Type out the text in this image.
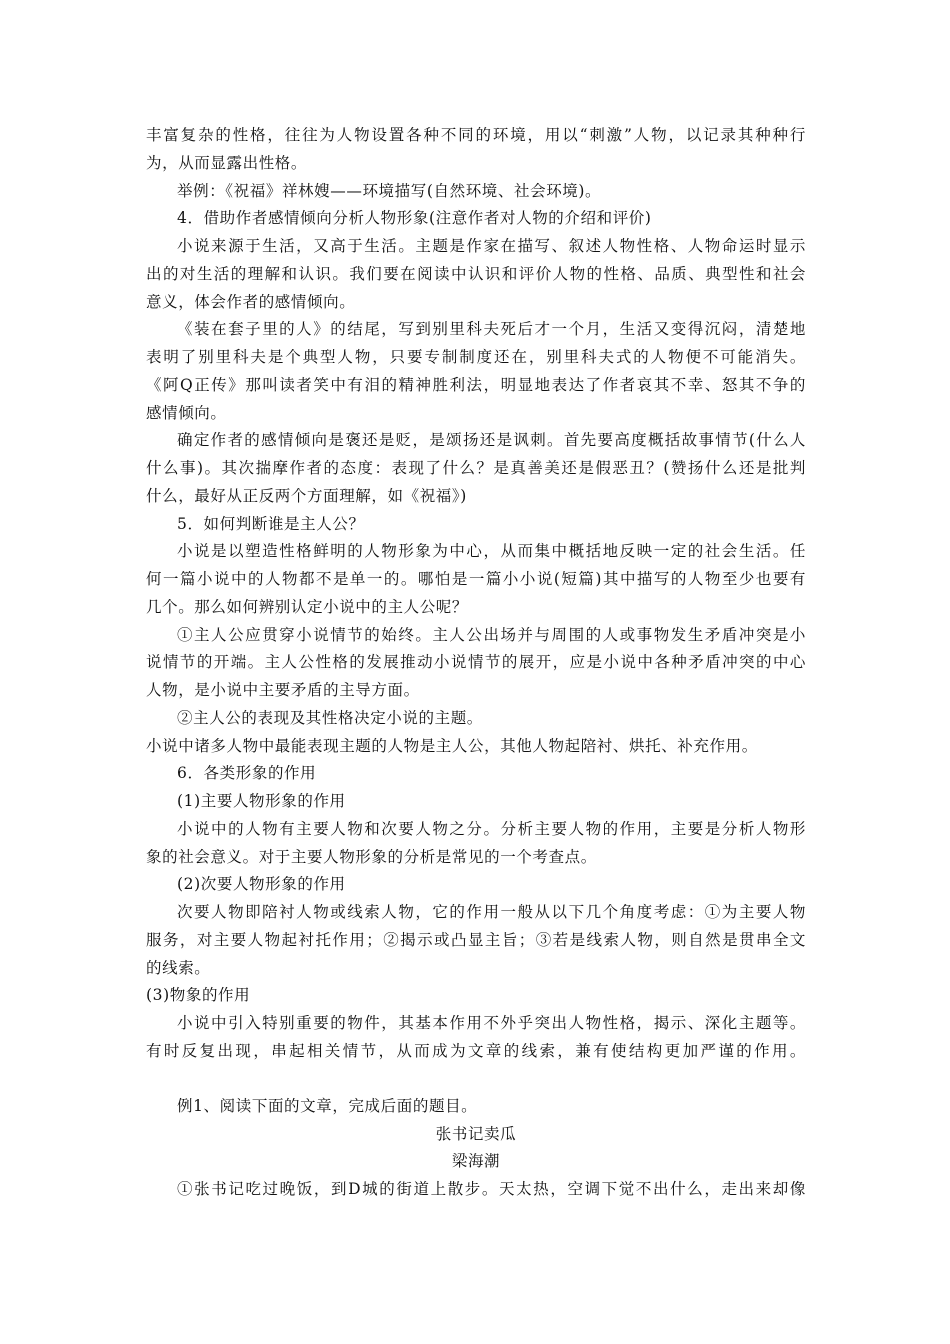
丰富复杂的性格，往往为人物设置各种不同的环境，用以“刺激”人物，以记录其种种行
为，从而显露出性格。
举例：《祝福》祥林嫂——环境描写(自然环境、社会环境)。
4．借助作者感情倾向分析人物形象(注意作者对人物的介绍和评价)
小说来源于生活，又高于生活。主题是作家在描写、叙述人物性格、人物命运时显示
出的对生活的理解和认识。我们要在阅读中认识和评价人物的性格、品质、典型性和社会
意义，体会作者的感情倾向。
《装在套子里的人》的结尾，写到别里科夫死后才一个月，生活又变得沉闷，清楚地
表明了别里科夫是个典型人物，只要专制制度还在，别里科夫式的人物便不可能消失。
《阿Q正传》那叫读者笑中有泪的精神胜利法，明显地表达了作者哀其不幸、怒其不争的
感情倾向。
确定作者的感情倾向是褒还是贬，是颂扬还是讽刺。首先要高度概括故事情节(什么人
什么事)。其次揣摩作者的态度：表现了什么？是真善美还是假恶丑？(赞扬什么还是批判
什么，最好从正反两个方面理解，如《祝福》)
5．如何判断谁是主人公？
小说是以塑造性格鲜明的人物形象为中心，从而集中概括地反映一定的社会生活。任
何一篇小说中的人物都不是单一的。哪怕是一篇小小说(短篇)其中描写的人物至少也要有
几个。那么如何辨别认定小说中的主人公呢？
①主人公应贯穿小说情节的始终。主人公出场并与周围的人或事物发生矛盾冲突是小
说情节的开端。主人公性格的发展推动小说情节的展开，应是小说中各种矛盾冲突的中心
人物，是小说中主要矛盾的主导方面。
②主人公的表现及其性格决定小说的主题。
小说中诸多人物中最能表现主题的人物是主人公，其他人物起陪衬、烘托、补充作用。
6．各类形象的作用
(1)主要人物形象的作用
小说中的人物有主要人物和次要人物之分。分析主要人物的作用，主要是分析人物形
象的社会意义。对于主要人物形象的分析是常见的一个考查点。
(2)次要人物形象的作用
次要人物即陪衬人物或线索人物，它的作用一般从以下几个角度考虑：①为主要人物
服务，对主要人物起衬托作用；②揭示或凸显主旨；③若是线索人物，则自然是贯串全文
的线索。
(3)物象的作用
小说中引入特别重要的物件，其基本作用不外乎突出人物性格，揭示、深化主题等。
有时反复出现，串起相关情节，从而成为文章的线索，兼有使结构更加严谨的作用。
例1、阅读下面的文章，完成后面的题目。
张书记卖瓜
梁海潮
①张书记吃过晚饭，到D城的街道上散步。天太热，空调下觉不出什么，走出来却像
